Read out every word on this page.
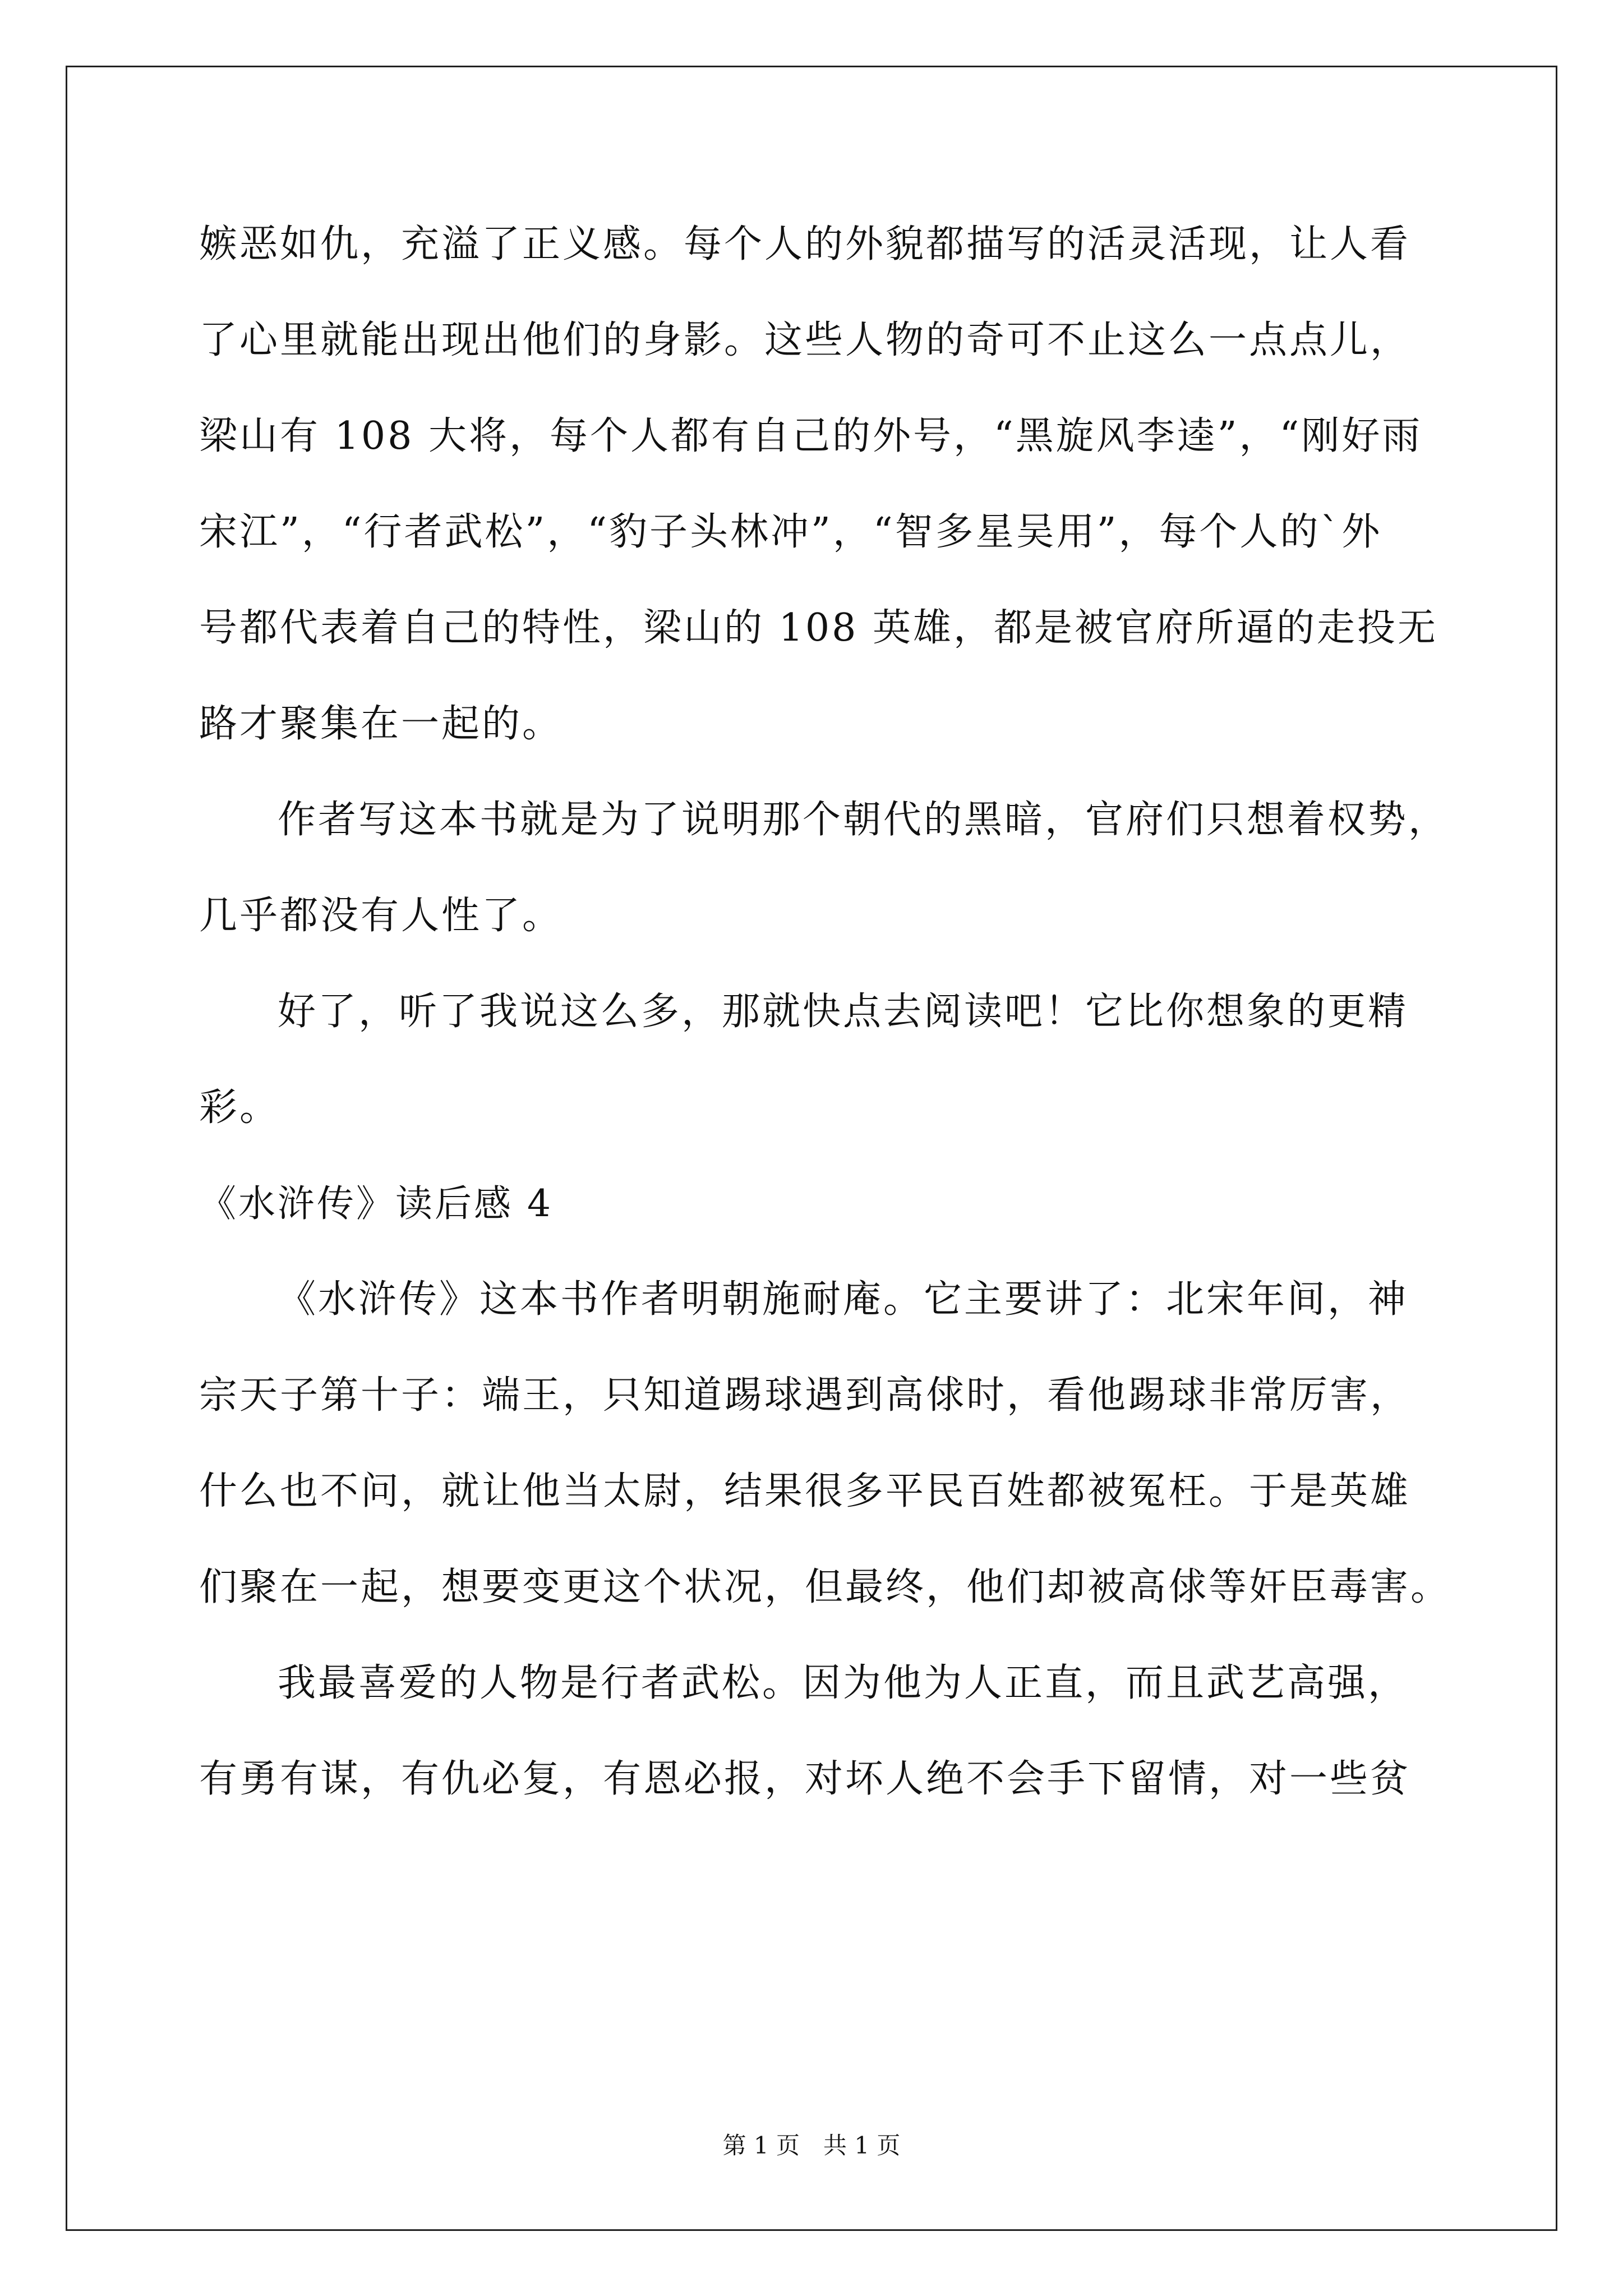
嫉恶如仇，充溢了正义感。每个人的外貌都描写的活灵活现，让人看
了心里就能出现出他们的身影。这些人物的奇可不止这么一点点儿，
梁山有 108 大将，每个人都有自己的外号，“黑旋风李逵”，“刚好雨
宋江”，“行者武松”，“豹子头林冲”，“智多星吴用”，每个人的`外
号都代表着自己的特性，梁山的 108 英雄，都是被官府所逼的走投无
路才聚集在一起的。
作者写这本书就是为了说明那个朝代的黑暗，官府们只想着权势，
几乎都没有人性了。
好了，听了我说这么多，那就快点去阅读吧！它比你想象的更精
彩。
《水浒传》读后感 4
《水浒传》这本书作者明朝施耐庵。它主要讲了：北宋年间，神
宗天子第十子：端王，只知道踢球遇到高俅时，看他踢球非常厉害，
什么也不问，就让他当太尉，结果很多平民百姓都被冤枉。于是英雄
们聚在一起，想要变更这个状况，但最终，他们却被高俅等奸臣毒害。
我最喜爱的人物是行者武松。因为他为人正直，而且武艺高强，
有勇有谋，有仇必复，有恩必报，对坏人绝不会手下留情，对一些贫
第 1 页　共 1 页
